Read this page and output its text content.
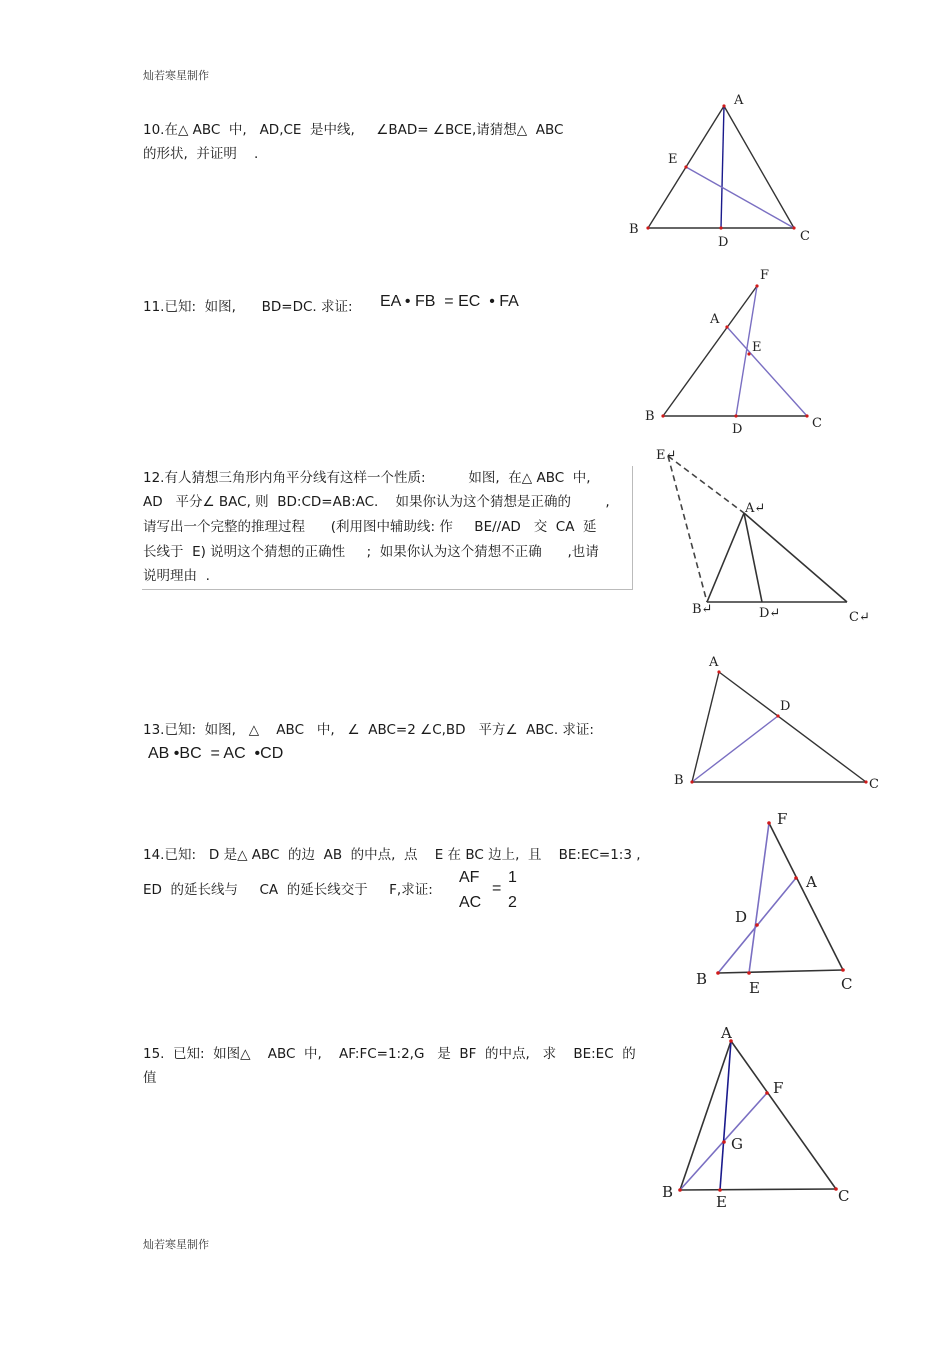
灿若寒星制作
灿若寒星制作
10.在△ ABC  中,   AD,CE  是中线,     ∠BAD= ∠BCE,请猜想△  ABC
的形状,  并证明    .
A
B	C
D
E
11.已知:  如图,      BD=DC. 求证: EA • FB  = EC  • FA
F
A
E
B	C
D
12.有人猜想三角形内角平分线有这样一个性质:          如图,  在△ ABC  中,
AD   平分∠ BAC, 则  BD:CD=AB:AC.    如果你认为这个猜想是正确的        ,
请写出一个完整的推理过程      (利用图中辅助线: 作     BE//AD   交  CA  延
长线于  E) 说明这个猜想的正确性     ;  如果你认为这个猜想不正确      ,也请
说明理由  .
E↵
A↵
B↵	D↵	C↵
13.已知:  如图,   △    ABC   中,   ∠  ABC=2 ∠C,BD   平方∠  ABC. 求证:
AB •BC  = AC  •CD
A
D
B	C
14.已知:   D 是△ ABC  的边  AB  的中点,  点    E 在 BC 边上,  且    BE:EC=1:3 ,
ED  的延长线与     CA  的延长线交于     F,求证:
AF
AC
=
1
2
F
A
D
B	E	C
15.  已知:  如图△    ABC  中,    AF:FC=1:2,G   是  BF  的中点,   求    BE:EC  的
值
A
F
G
B
E	C
